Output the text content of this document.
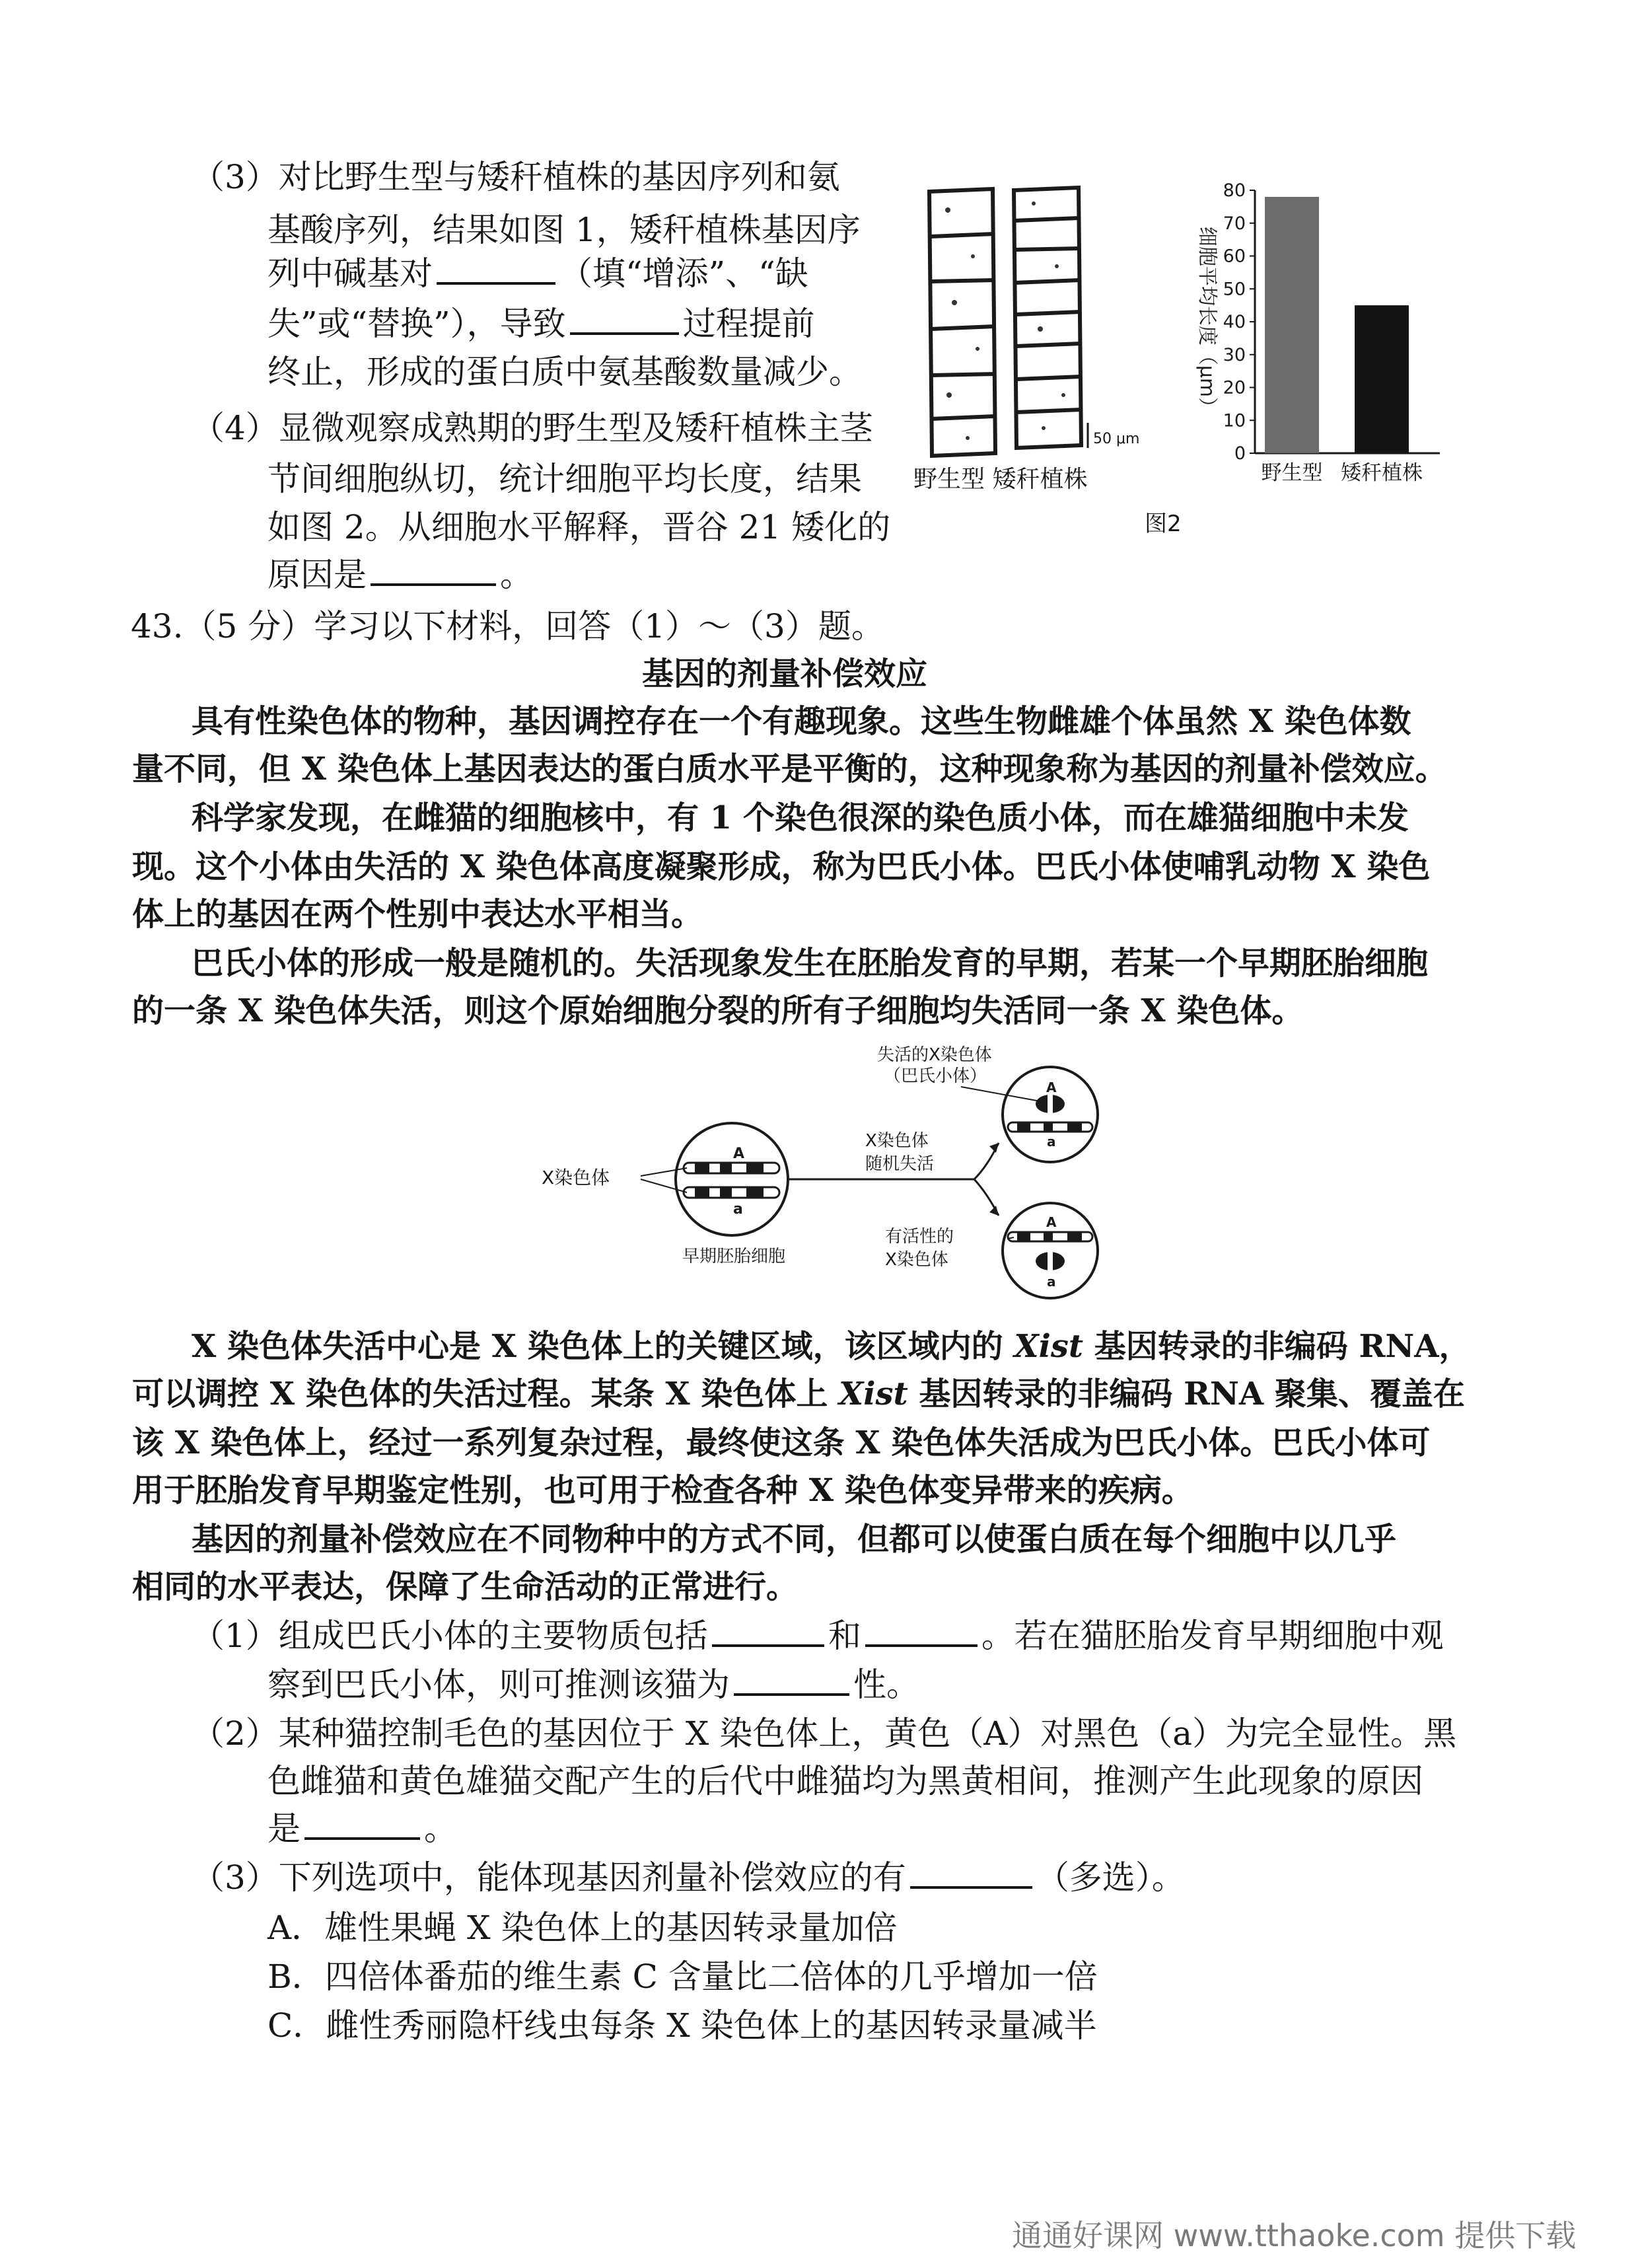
（3）对比野生型与矮秆植株的基因序列和氨
基酸序列，结果如图 1，矮秆植株基因序
列中碱基对	（填“增添”、“缺
失”或“替换”），导致	过程提前
终止，形成的蛋白质中氨基酸数量减少。
（4）显微观察成熟期的野生型及矮秆植株主茎
节间细胞纵切，统计细胞平均长度，结果
如图 2。从细胞水平解释，晋谷 21 矮化的
原因是	。
50 μm
野生型 矮秆植株
0
10
20
30
40
50
60
70
80
野生型 矮秆植株
细胞平均长度（μm）
图2
43.（5 分）学习以下材料，回答（1）～（3）题。
基因的剂量补偿效应
具有性染色体的物种，基因调控存在一个有趣现象。这些生物雌雄个体虽然 X 染色体数
量不同，但 X 染色体上基因表达的蛋白质水平是平衡的，这种现象称为基因的剂量补偿效应。
科学家发现，在雌猫的细胞核中，有 1 个染色很深的染色质小体，而在雄猫细胞中未发
现。这个小体由失活的 X 染色体高度凝聚形成，称为巴氏小体。巴氏小体使哺乳动物 X 染色
体上的基因在两个性别中表达水平相当。
巴氏小体的形成一般是随机的。失活现象发生在胚胎发育的早期，若某一个早期胚胎细胞
的一条 X 染色体失活，则这个原始细胞分裂的所有子细胞均失活同一条 X 染色体。
A
a
X染色体
早期胚胎细胞
X染色体
随机失活
A
a
失活的X染色体
（巴氏小体）
A
a
有活性的
X染色体
X 染色体失活中心是 X 染色体上的关键区域，该区域内的 Xist 基因转录的非编码 RNA，
可以调控 X 染色体的失活过程。某条 X 染色体上 Xist 基因转录的非编码 RNA 聚集、覆盖在
该 X 染色体上，经过一系列复杂过程，最终使这条 X 染色体失活成为巴氏小体。巴氏小体可
用于胚胎发育早期鉴定性别，也可用于检查各种 X 染色体变异带来的疾病。
基因的剂量补偿效应在不同物种中的方式不同，但都可以使蛋白质在每个细胞中以几乎
相同的水平表达，保障了生命活动的正常进行。
（1）组成巴氏小体的主要物质包括	和	。若在猫胚胎发育早期细胞中观
察到巴氏小体，则可推测该猫为	性。
（2）某种猫控制毛色的基因位于 X 染色体上，黄色（A）对黑色（a）为完全显性。黑
色雌猫和黄色雄猫交配产生的后代中雌猫均为黑黄相间，推测产生此现象的原因
是	。
（3）下列选项中，能体现基因剂量补偿效应的有	（多选）。
A．雄性果蝇 X 染色体上的基因转录量加倍
B．四倍体番茄的维生素 C 含量比二倍体的几乎增加一倍
C．雌性秀丽隐杆线虫每条 X 染色体上的基因转录量减半
通通好课网 www.tthaoke.com 提供下载
